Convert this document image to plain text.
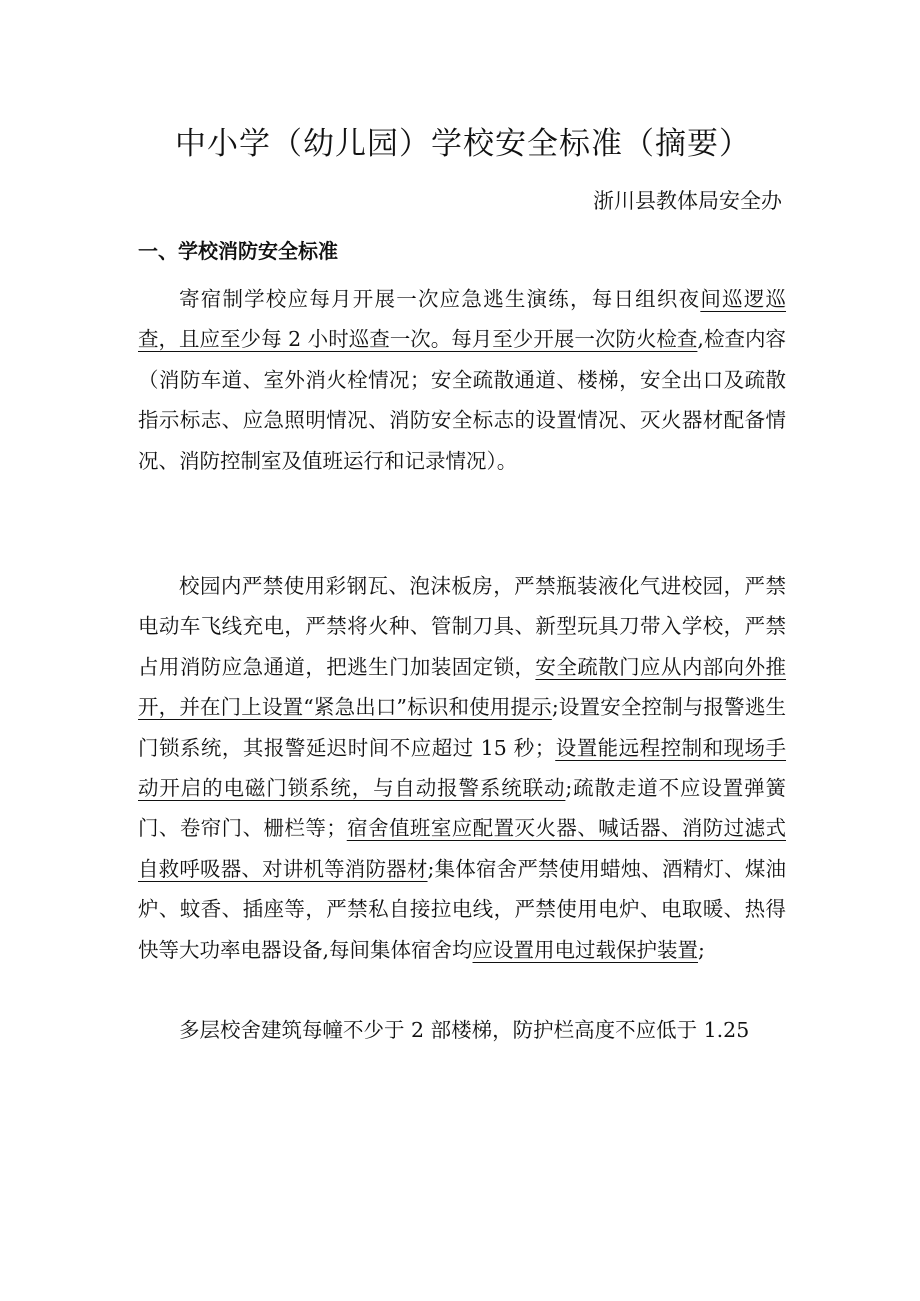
中小学（幼儿园）学校安全标准（摘要）
浙川县教体局安全办
一、学校消防安全标准

寄宿制学校应每月开展一次应急逃生演练，每日组织夜间巡逻巡查，且应至少每 2 小时巡查一次。每月至少开展一次防火检查,检查内容（消防车道、室外消火栓情况；安全疏散通道、楼梯，安全出口及疏散指示标志、应急照明情况、消防安全标志的设置情况、灭火器材配备情况、消防控制室及值班运行和记录情况）。

校园内严禁使用彩钢瓦、泡沫板房，严禁瓶装液化气进校园，严禁电动车飞线充电，严禁将火种、管制刀具、新型玩具刀带入学校，严禁占用消防应急通道，把逃生门加装固定锁，安全疏散门应从内部向外推开，并在门上设置“紧急出口”标识和使用提示;设置安全控制与报警逃生门锁系统，其报警延迟时间不应超过 15 秒；设置能远程控制和现场手动开启的电磁门锁系统，与自动报警系统联动;疏散走道不应设置弹簧门、卷帘门、栅栏等；宿舍值班室应配置灭火器、喊话器、消防过滤式自救呼吸器、对讲机等消防器材;集体宿舍严禁使用蜡烛、酒精灯、煤油炉、蚊香、插座等，严禁私自接拉电线，严禁使用电炉、电取暖、热得快等大功率电器设备,每间集体宿舍均应设置用电过载保护装置;

多层校舍建筑每幢不少于 2 部楼梯，防护栏高度不应低于 1.25
